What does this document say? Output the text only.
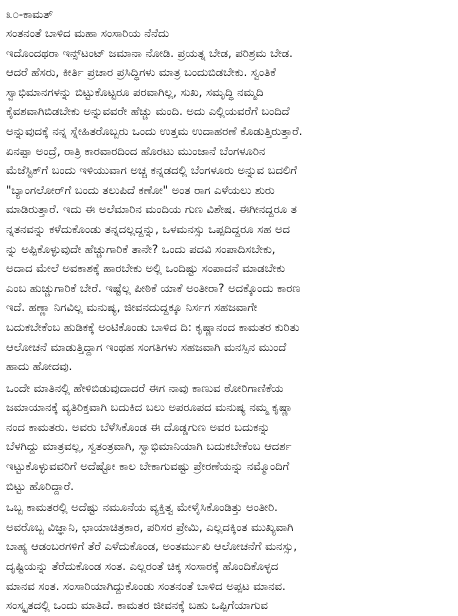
೩೦-ಕಾಮತ್
ಸಂತನಂತೆ ಬಾಳಿದ ಮಹಾ ಸಂಸಾರಿಯ ನೆನೆದು
ಇದೊಂದಥರಾ ಇನ್ಸ್‌ಟಂಟ್ ಜಮಾನಾ ನೋಡಿ. ಪ್ರಯತ್ನ ಬೇಡ, ಪರಿಶ್ರಮ ಬೇಡ.
ಆದರೆ ಹೆಸರು, ಕೀರ್ತಿ ಪ್ರಚಾರ ಪ್ರಸಿದ್ಧಿಗಳು ಮಾತ್ರ ಬಂದುಬಿಡಬೇಕು. ಸ್ವಂತಿಕೆ
ಸ್ವಾಭಿಮಾನಗಳನ್ನು ಬಿಟ್ಟುಕೊಟ್ಟರೂ ಪರವಾಗಿಲ್ಲ, ಸುಖ, ಸಮೃದ್ಧಿ ನಮ್ಮದಿ
ಕೈವಶವಾಗಿಬಿಡಬೇಕು ಅನ್ನುವವರೇ ಹೆಚ್ಚು ಮಂದಿ. ಅದು ಎಲ್ಲಿಯವರೆಗೆ ಬಂದಿದೆ
ಅನ್ನುವುದಕ್ಕೆ ನನ್ನ ಸ್ನೇಹಿತರೊಬ್ಬರು ಒಂದು ಉತ್ತಮ ಉದಾಹರಣೆ ಕೊಡುತ್ತಿರುತ್ತಾರೆ.
ಏನಪ್ಪಾ ಅಂದ್ರೆ, ರಾತ್ರಿ ಕಾರವಾರದಿಂದ ಹೊರಟು ಮುಂಜಾನೆ ಬೆಂಗಳೂರಿನ
ಮೆಜೆಸ್ಟಿಕ್‌ಗೆ ಬಂದು ಇಳಿಯುವಾಗ ಅಚ್ಚ ಕನ್ನಡದಲ್ಲಿ ಬೆಂಗಳೂರು ಅನ್ನುವ ಬದಲಿಗೆ
"ಬ್ಯಾಂಗಲೋರ್‌ಗೆ ಬಂದು ತಲುಪಿದೆ ಕಣೋ" ಅಂತ ರಾಗ ಎಳೆಯಲು ಶುರು
ಮಾಡಿರುತ್ತಾರೆ. ಇದು ಈ ಅಲೆಮಾರಿನ ಮಂದಿಯ ಗುಣ ವಿಶೇಷ. ಈಗೀನದ್ದರೂ ತ
ನ್ನತನವನ್ನು ಕಳೆದುಕೊಂಡು ತನ್ನದಲ್ಲದ್ದನ್ನು, ಒಳಮನಸ್ಸು ಒಪ್ಪದಿದ್ದರೂ ಸಹ ಅದ
ನ್ನು ಅಪ್ಪಿಕೊಳ್ಳುವುದೇ ಹೆಚ್ಚುಗಾರಿಕೆ ತಾನೇ? ಒಂದು ಪದವಿ ಸಂಪಾದಿಸಬೇಕು,
ಅದಾದ ಮೇಲೆ ಅವಕಾಶಕ್ಕೆ ಹಾರಬೇಕು ಅಲ್ಲಿ ಒಂದಿಷ್ಟು ಸಂಪಾದನೆ ಮಾಡಬೇಕು
ಎಂಬ ಹುಚ್ಚುಗಾರಿಕೆ ಬೇರೆ. ಇಷ್ಟೆಲ್ಲ ಪೀಠಿಕೆ ಯಾಕೆ ಅಂತೀರಾ? ಅದಕ್ಕೊಂದು ಕಾರಣ
ಇದೆ. ಹಣ್ಣಾ ನಿಗವಿಲ್ಲ ಮನುಷ್ಯ, ಜೀವನದುದ್ದಕ್ಕೂ ನಿರ್ಸಗ ಸಹಜವಾಗೇ
ಬದುಕಬೇಕೆಂಬ ಹುಡಿಕಕ್ಕೆ ಅಂಟಿಕೊಂಡು ಬಾಳಿದ ದಿ: ಕೃಷ್ಣಾನಂದ ಕಾಮತರ ಕುರಿತು
ಆಲೋಚನೆ ಮಾಡುತ್ತಿದ್ದಾಗ ಇಂಥಹ ಸಂಗತಿಗಳು ಸಹಜವಾಗಿ ಮನಸ್ಸಿನ ಮುಂದೆ
ಹಾದು ಹೋದವು.
ಒಂದೇ ಮಾತಿನಲ್ಲಿ ಹೇಳಿಬಿಡುವುದಾದರೆ ಈಗ ನಾವು ಕಾಣುವ ಠೋರಿಗಾಣಿಕೆಯ
ಜಮಾಯಾನಕ್ಕೆ ವ್ಯತಿರಿಕ್ತವಾಗಿ ಬದುಕಿದ ಬಲು ಅಪರೂಪದ ಮನುಷ್ಯ ನಮ್ಮ ಕೃಷ್ಣಾ
ನಂದ ಕಾಮತರು. ಅವರು ಬೆಳೆಸಿಕೊಂಡ ಈ ದೊಡ್ಡಗುಣ ಅವರ ಬದುಕನ್ನು
ಬೆಳಗಿದ್ದು ಮಾತ್ರವಲ್ಲ, ಸ್ವತಂತ್ರವಾಗಿ, ಸ್ವಾಭಿಮಾನಿಯಾಗಿ ಬದುಕಬೇಕೆಂಬ ಆದರ್ಶ
ಇಟ್ಟುಕೊಳ್ಳುವವರಿಗೆ ಅದೆಷ್ಟೋ ಕಾಲ ಬೇಕಾಗುವಷ್ಟು ಪ್ರೇರಣೆಯನ್ನು ನಮ್ಮೊಂದಿಗೆ
ಬಿಟ್ಟು ಹೊರಿದ್ದಾರೆ.
ಒಬ್ಬ ಕಾಮತರಲ್ಲಿ ಅದೆಷ್ಟು ನಮೂನೆಯ ವ್ಯಕ್ತಿತ್ವ ಮೇಳೈಸಿಕೊಂಡಿತ್ತು ಅಂತೀರಿ.
ಅವರೊಬ್ಬ ವಿಜ್ಞಾನಿ, ಛಾಯಾಚಿತ್ರಕಾರ, ಪರಿಸರ ಪ್ರೇಮಿ, ಎಲ್ಲದಕ್ಕಿಂತ ಮುಖ್ಯವಾಗಿ
ಬಾಹ್ಯ ಆಡಂಬರಗಳಿಗೆ ತೆರೆ ಎಳೆದುಕೊಂಡ, ಅಂತರ್ಮುಖಿ ಆಲೋಚನೆಗೆ ಮನಸ್ಸು,
ದೃಷ್ಟಿಯನ್ನು ತೆರೆದುಕೊಂಡ ಸಂತ. ಎಲ್ಲರಂತೆ ಚಿಕ್ಕ ಸಂಸಾರಕ್ಕೆ ಹೊಂದಿಕೊಳ್ಳದ
ಮಾನವ ಸಂತ. ಸಂಸಾರಿಯಾಗಿದ್ದುಕೊಂಡು ಸಂತನಂತೆ ಬಾಳಿದ ಅಪ್ಪಟ ಮಾನವ.
ಸಂಸ್ಕೃತದಲ್ಲಿ ಒಂದು ಮಾತಿದೆ. ಕಾಮತರ ಜೀವನಕ್ಕೆ ಬಹು ಒಪ್ಪಿಗೆಯಾಗುವ
